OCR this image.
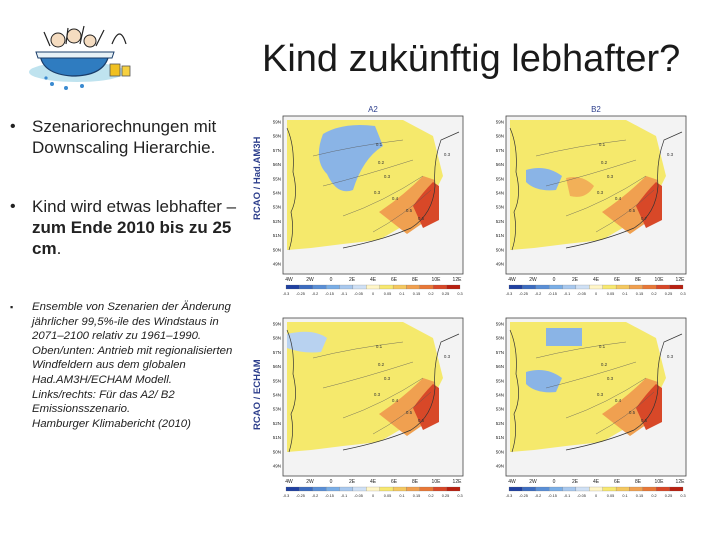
Kind zukünftig lebhafter?
• Szenariorechnungen mit Downscaling Hierarchie.
• Kind wird etwas lebhafter – zum Ende 2010 bis zu 25 cm.
▪	Ensemble von Szenarien der Änderung jährlicher 99,5%-ile des Windstaus in 2071–2100 relativ zu 1961–1990.
Oben/unten: Antrieb mit regionalisierten Windfeldern aus dem globalen Had.AM3H/ECHAM Modell.
Links/rechts: Für das A2/ B2 Emissionsszenario.
Hamburger Klimabericht (2010)
RCAO / Had.AM3H
RCAO / ECHAM
0.1
0.2
0.3
0.3
0.4
0.5
0.6
0.3
59N
58N
57N
56N
55N
54N
53N
52N
51N
50N
49N
4W	2W	0	2E	4E	6E	8E	10E 12E
-0.3 -0.25 -0.2 -0.15 -0.1 -0.05 0	0.05 0.1 0.15 0.2 0.25 0.3
0.1
0.2
0.3
0.3
0.4
0.5
0.7
0.3
59N
58N
57N
56N
55N
54N
53N
52N
51N
50N
49N
4W	2W	0	2E	4E	6E	8E	10E 12E
-0.3 -0.25 -0.2 -0.15 -0.1 -0.05 0	0.05 0.1 0.15 0.2 0.25 0.3
0.1
0.2
0.3
0.3
0.4
0.5
0.6
0.3
59N
58N
57N
56N
55N
54N
53N
52N
51N
50N
49N
4W	2W	0	2E	4E	6E	8E	10E 12E
-0.3 -0.25 -0.2 -0.15 -0.1 -0.05 0	0.05 0.1 0.15 0.2 0.25 0.3
0.1
0.2
0.3
0.3
0.4
0.5
0.6
0.3
59N
58N
57N
56N
55N
54N
53N
52N
51N
50N
49N
4W	2W	0	2E	4E	6E	8E	10E 12E
-0.3 -0.25 -0.2 -0.15 -0.1 -0.05 0	0.05 0.1 0.15 0.2 0.25 0.3
A2	B2
